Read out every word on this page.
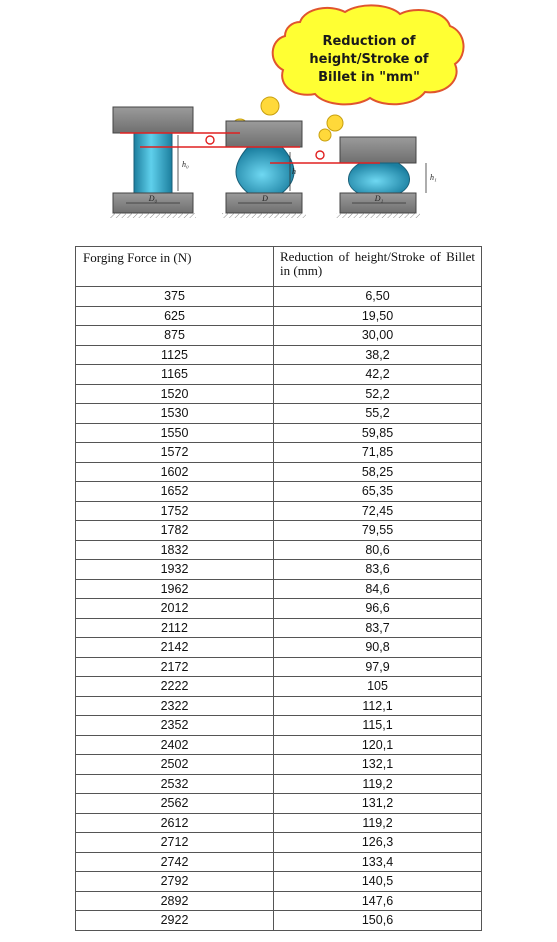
Reduction of
height/Stroke of
Billet in "mm"
h₀
D₀
h
D
h₁
D₁
Forging Force in (N)	Reduction of height/Stroke of Billet in (mm)
375	6,50
625	19,50
875	30,00
1125	38,2
1165	42,2
1520	52,2
1530	55,2
1550	59,85
1572	71,85
1602	58,25
1652	65,35
1752	72,45
1782	79,55
1832	80,6
1932	83,6
1962	84,6
2012	96,6
2112	83,7
2142	90,8
2172	97,9
2222	105
2322	112,1
2352	115,1
2402	120,1
2502	132,1
2532	119,2
2562	131,2
2612	119,2
2712	126,3
2742	133,4
2792	140,5
2892	147,6
2922	150,6
